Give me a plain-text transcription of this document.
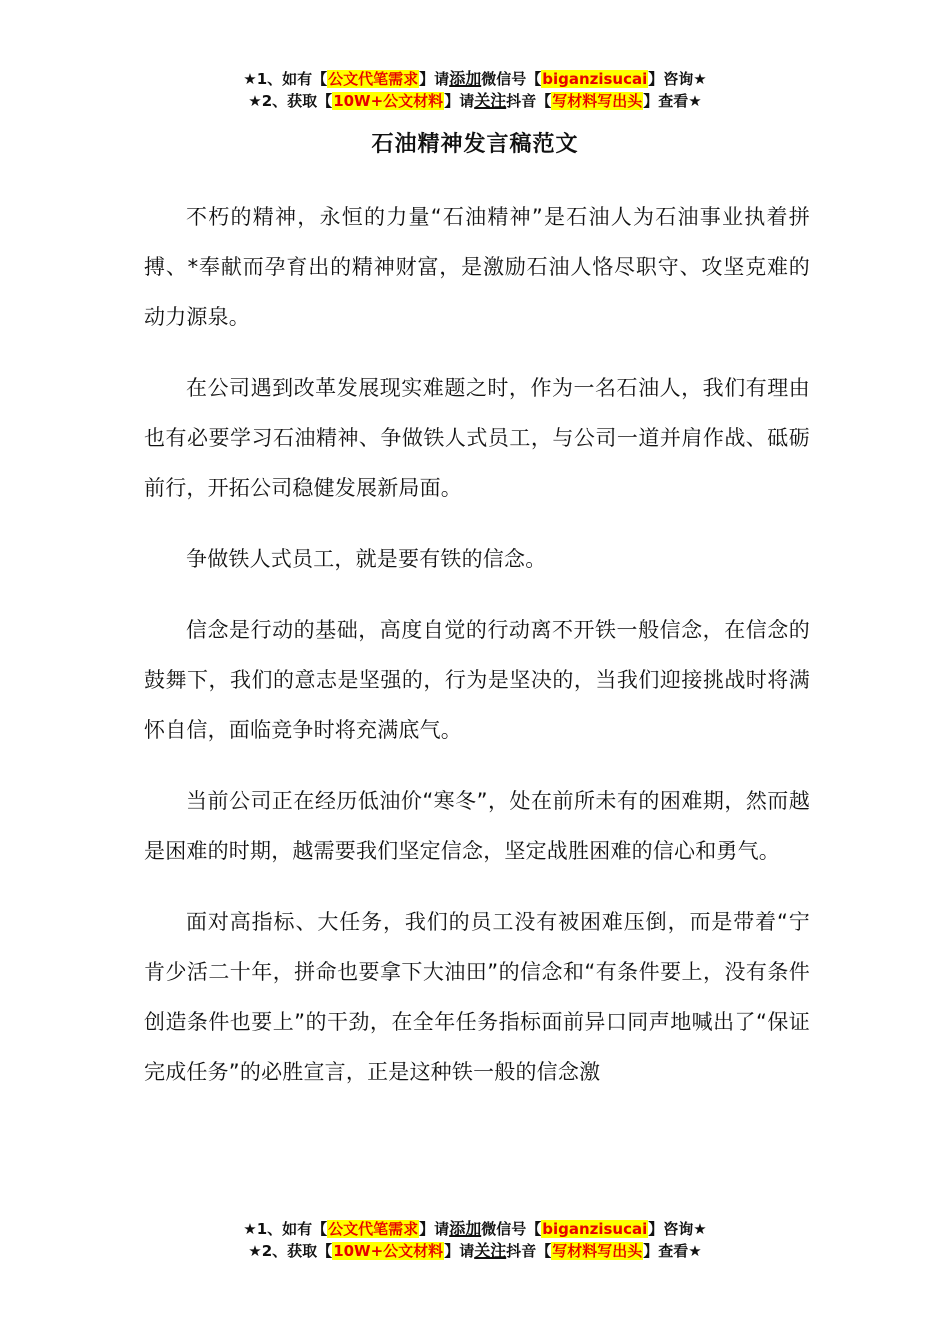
★1、如有【公文代笔需求】请添加微信号【biganzisucai】咨询★
★2、获取【10W+公文材料】请关注抖音【写材料写出头】查看★
石油精神发言稿范文

不朽的精神，永恒的力量“石油精神”是石油人为石油事业执着拼搏、*奉献而孕育出的精神财富，是激励石油人恪尽职守、攻坚克难的动力源泉。

在公司遇到改革发展现实难题之时，作为一名石油人，我们有理由也有必要学习石油精神、争做铁人式员工，与公司一道并肩作战、砥砺前行，开拓公司稳健发展新局面。

争做铁人式员工，就是要有铁的信念。

信念是行动的基础，高度自觉的行动离不开铁一般信念，在信念的鼓舞下，我们的意志是坚强的，行为是坚决的，当我们迎接挑战时将满怀自信，面临竞争时将充满底气。

当前公司正在经历低油价“寒冬”，处在前所未有的困难期，然而越是困难的时期，越需要我们坚定信念，坚定战胜困难的信心和勇气。

面对高指标、大任务，我们的员工没有被困难压倒，而是带着“宁肯少活二十年，拼命也要拿下大油田”的信念和“有条件要上，没有条件创造条件也要上”的干劲，在全年任务指标面前异口同声地喊出了“保证完成任务”的必胜宣言，正是这种铁一般的信念激

★1、如有【公文代笔需求】请添加微信号【biganzisucai】咨询★
★2、获取【10W+公文材料】请关注抖音【写材料写出头】查看★
